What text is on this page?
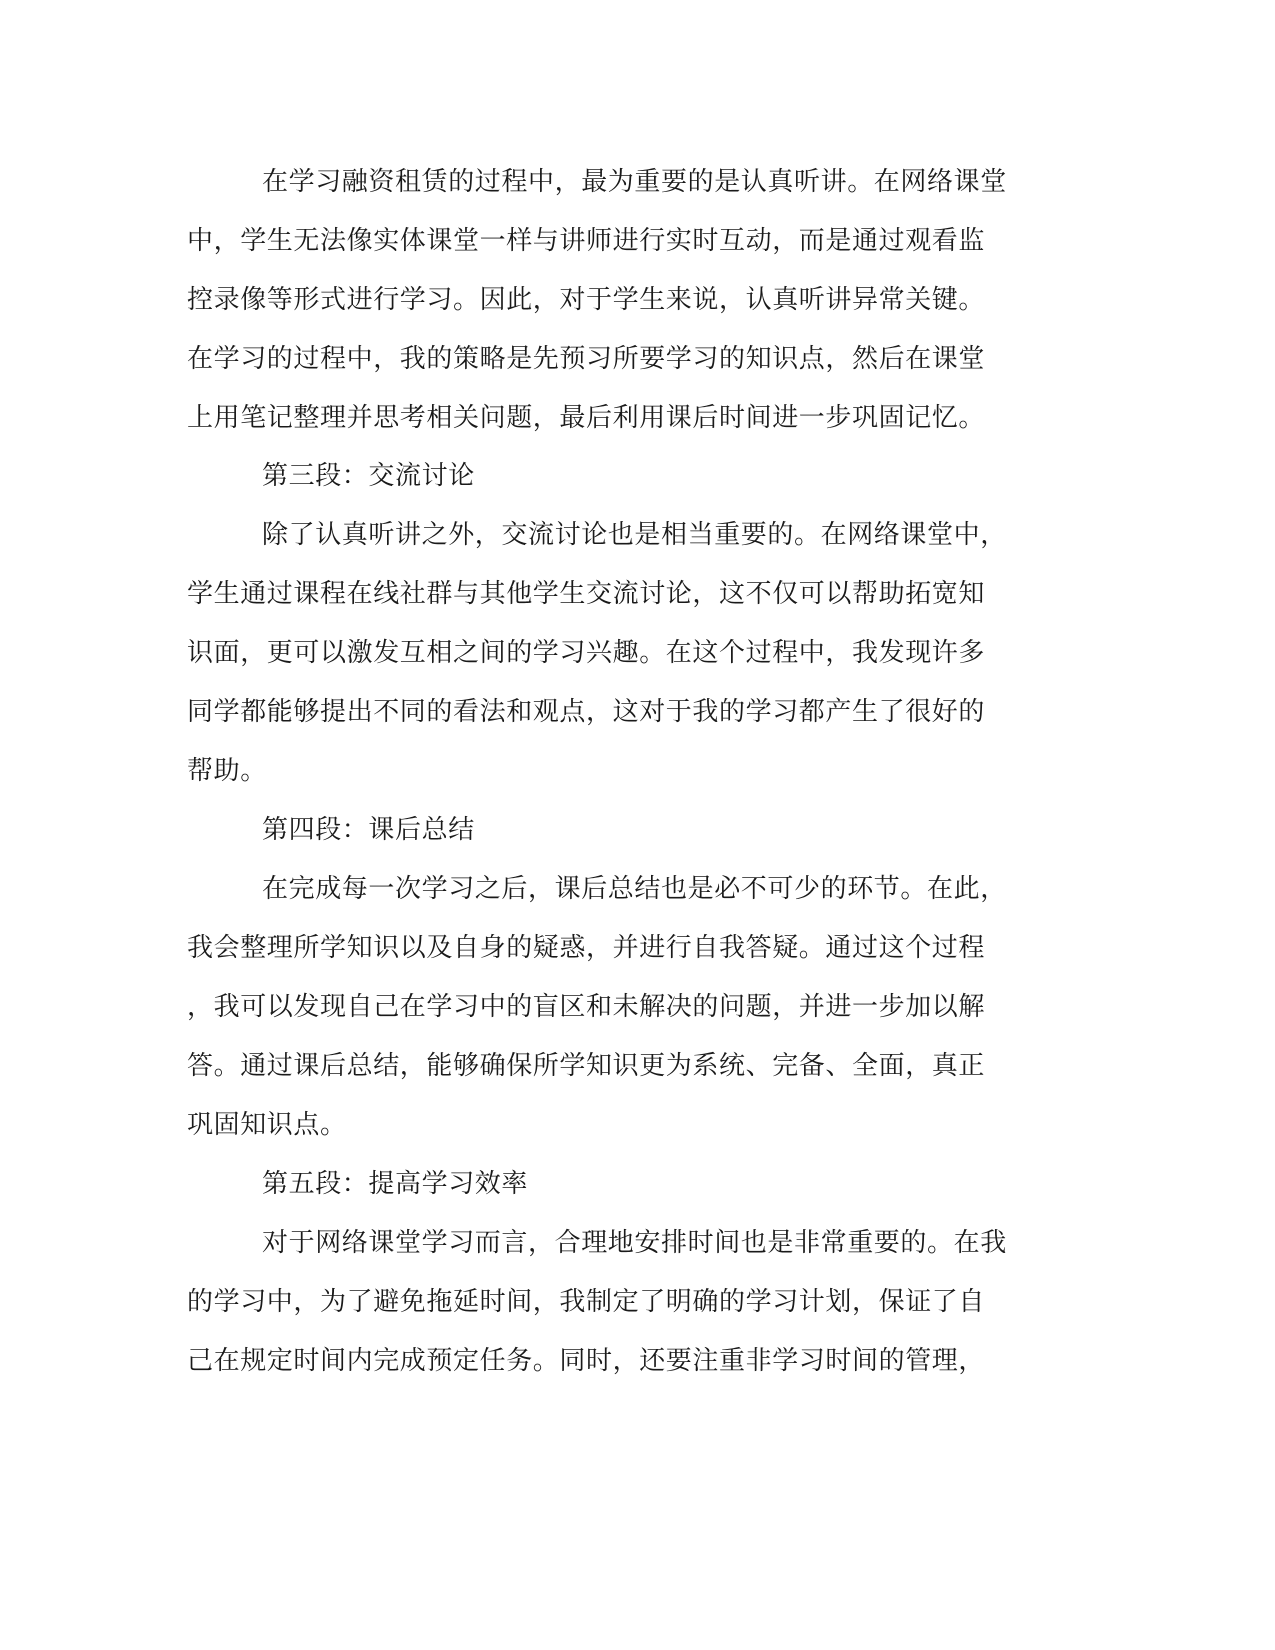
在学习融资租赁的过程中，最为重要的是认真听讲。在网络课堂

中，学生无法像实体课堂一样与讲师进行实时互动，而是通过观看监

控录像等形式进行学习。因此，对于学生来说，认真听讲异常关键。

在学习的过程中，我的策略是先预习所要学习的知识点，然后在课堂

上用笔记整理并思考相关问题，最后利用课后时间进一步巩固记忆。

第三段：交流讨论

除了认真听讲之外，交流讨论也是相当重要的。在网络课堂中，

学生通过课程在线社群与其他学生交流讨论，这不仅可以帮助拓宽知

识面，更可以激发互相之间的学习兴趣。在这个过程中，我发现许多

同学都能够提出不同的看法和观点，这对于我的学习都产生了很好的

帮助。

第四段：课后总结

在完成每一次学习之后，课后总结也是必不可少的环节。在此，

我会整理所学知识以及自身的疑惑，并进行自我答疑。通过这个过程

，我可以发现自己在学习中的盲区和未解决的问题，并进一步加以解

答。通过课后总结，能够确保所学知识更为系统、完备、全面，真正

巩固知识点。

第五段：提高学习效率

对于网络课堂学习而言，合理地安排时间也是非常重要的。在我

的学习中，为了避免拖延时间，我制定了明确的学习计划，保证了自

己在规定时间内完成预定任务。同时，还要注重非学习时间的管理，
